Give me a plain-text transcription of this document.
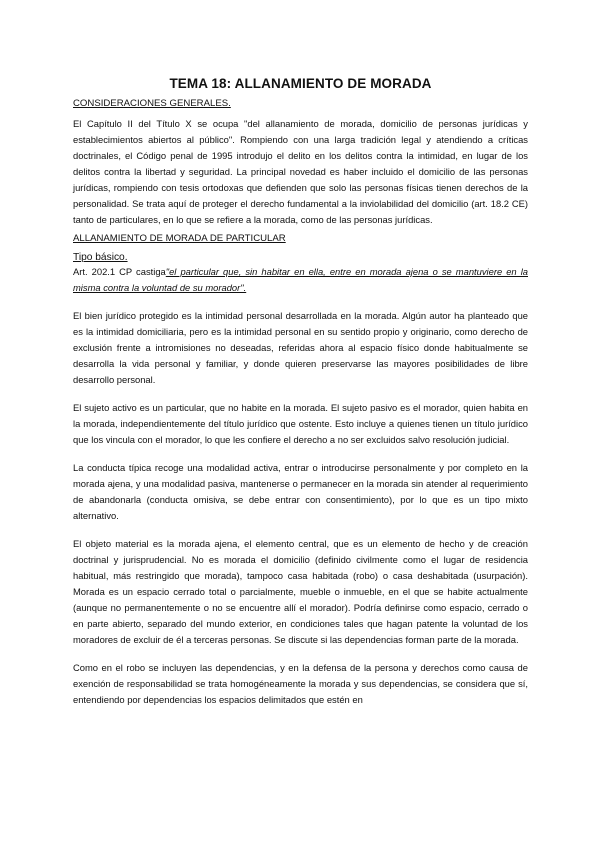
TEMA 18: ALLANAMIENTO DE MORADA
CONSIDERACIONES GENERALES.

El Capítulo II del Título X se ocupa "del allanamiento de morada, domicilio de personas jurídicas y establecimientos abiertos al público". Rompiendo con una larga tradición legal y atendiendo a críticas doctrinales, el Código penal de 1995 introdujo el delito en los delitos contra la intimidad, en lugar de los delitos contra la libertad y seguridad. La principal novedad es haber incluido el domicilio de las personas jurídicas, rompiendo con tesis ortodoxas que defienden que solo las personas físicas tienen derechos de la personalidad. Se trata aquí de proteger el derecho fundamental a la inviolabilidad del domicilio (art. 18.2 CE) tanto de particulares, en lo que se refiere a la morada, como de las personas jurídicas.

ALLANAMIENTO DE MORADA DE PARTICULAR
Tipo básico.

Art. 202.1 CP castiga"el particular que, sin habitar en ella, entre en morada ajena o se mantuviere en la misma contra la voluntad de su morador".

El bien jurídico protegido es la intimidad personal desarrollada en la morada. Algún autor ha planteado que es la intimidad domiciliaria, pero es la intimidad personal en su sentido propio y originario, como derecho de exclusión frente a intromisiones no deseadas, referidas ahora al espacio físico donde habitualmente se desarrolla la vida personal y familiar, y donde quieren preservarse las mayores posibilidades de libre desarrollo personal.

El sujeto activo es un particular, que no habite en la morada. El sujeto pasivo es el morador, quien habita en la morada, independientemente del título jurídico que ostente. Esto incluye a quienes tienen un título jurídico que los vincula con el morador, lo que les confiere el derecho a no ser excluidos salvo resolución judicial.

La conducta típica recoge una modalidad activa, entrar o introducirse personalmente y por completo en la morada ajena, y una modalidad pasiva, mantenerse o permanecer en la morada sin atender al requerimiento de abandonarla (conducta omisiva, se debe entrar con consentimiento), por lo que es un tipo mixto alternativo.

El objeto material es la morada ajena, el elemento central, que es un elemento de hecho y de creación doctrinal y jurisprudencial. No es morada el domicilio (definido civilmente como el lugar de residencia habitual, más restringido que morada), tampoco casa habitada (robo) o casa deshabitada (usurpación). Morada es un espacio cerrado total o parcialmente, mueble o inmueble, en el que se habite actualmente (aunque no permanentemente o no se encuentre allí el morador). Podría definirse como espacio, cerrado o en parte abierto, separado del mundo exterior, en condiciones tales que hagan patente la voluntad de los moradores de excluir de él a terceras personas. Se discute si las dependencias forman parte de la morada.

Como en el robo se incluyen las dependencias, y en la defensa de la persona y derechos como causa de exención de responsabilidad se trata homogéneamente la morada y sus dependencias, se considera que sí, entendiendo por dependencias los espacios delimitados que estén en
